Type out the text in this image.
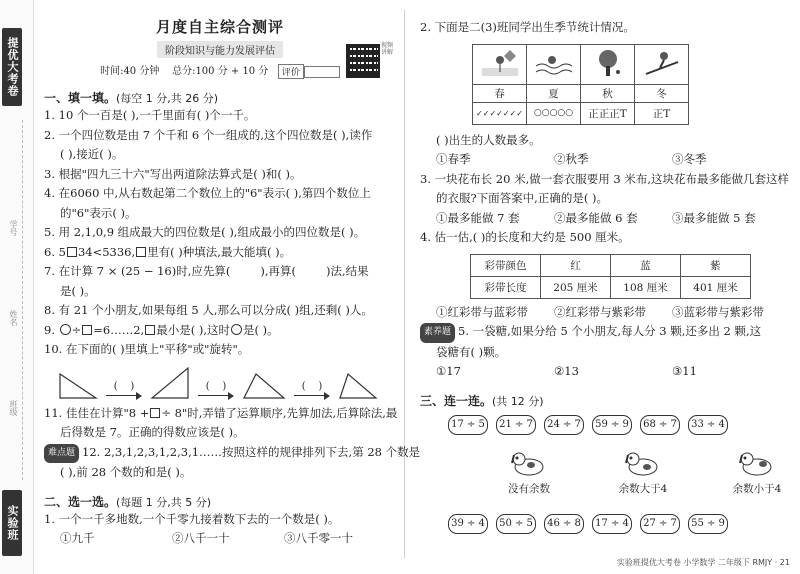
提优大考卷
学号
姓名
班级
实验班
月度自主综合测评
阶段知识与能力发展评估
时间:40 分钟 总分:100 分 + 10 分 评价
视频讲解
一、填一填。(每空 1 分,共 26 分)
1. 10 个一百是( ),一千里面有( )个一千。
2. 一个四位数是由 7 个千和 6 个一组成的,这个四位数是( ),读作
( ),接近( )。
3. 根据"四九三十六"写出两道除法算式是( )和( )。
4. 在6060 中,从右数起第二个数位上的"6"表示( ),第四个数位上
的"6"表示( )。
5. 用 2,1,0,9 组成最大的四位数是( ),组成最小的四位数是( )。
6. 5 34<5336, 里有( )种填法,最大能填( )。
7. 在计算 7 × (25 − 16)时,应先算(	),再算(	)法,结果
是( )。
8. 有 21 个小朋友,如果每组 5 人,那么可以分成( )组,还剩( )人。
9. ÷ =6……2, 最小是( ),这时 是( )。
10. 在下面的( )里填上"平移"或"旋转"。
(    )	(    )	(    )
11. 佳佳在计算"8 + ÷ 8"时,弄错了运算顺序,先算加法,后算除法,最
后得数是 7。正确的得数应该是( )。
难点题 12. 2,3,1,2,3,1,2,3,1……按照这样的规律排列下去,第 28 个数是
( ),前 28 个数的和是( )。
二、选一选。(每题 1 分,共 5 分)
1. 一个一千多地数,一个千零九接着数下去的一个数是( )。
①九千	②八千一十	③八千零一十
2. 下面是二(3)班同学出生季节统计情况。

春	夏	秋	冬
✓✓✓✓✓✓✓	○○○○○	正正正T	正T
( )出生的人数最多。
①春季	②秋季	③冬季
3. 一块花布长 20 米,做一套衣服要用 3 米布,这块花布最多能做几套这样
的衣服?下面答案中,正确的是( )。
①最多能做 7 套	②最多能做 6 套	③最多能做 5 套
4. 估一估,( )的长度和大约是 500 厘米。
彩带颜色	红	蓝	紫
彩带长度	205 厘米	108 厘米	401 厘米
①红彩带与蓝彩带	②红彩带与紫彩带	③蓝彩带与紫彩带
素养题 5. 一袋糖,如果分给 5 个小朋友,每人分 3 颗,还多出 2 颗,这
袋糖有( )颗。
①17	②13	③11
三、连一连。(共 12 分)
17 ÷ 5	21 ÷ 7	24 ÷ 7	59 ÷ 9	68 ÷ 7	33 ÷ 4
没有余数	余数大于4	余数小于4
39 ÷ 4	50 ÷ 5	46 ÷ 8	17 ÷ 4	27 ÷ 7	55 ÷ 9
实验班提优大考卷 小学数学 二年级下 RMJY · 21
